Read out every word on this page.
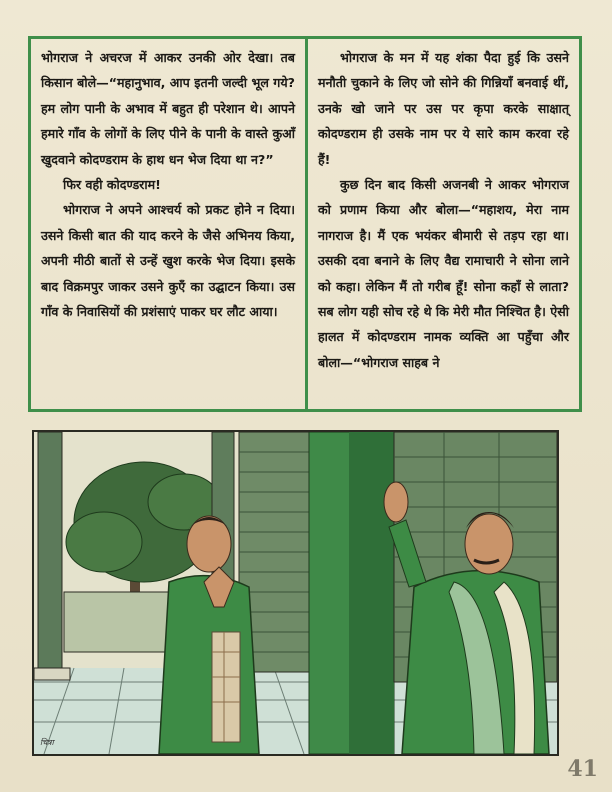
भोगराज ने अचरज में आकर उनकी ओर देखा। तब किसान बोले—“महानुभाव, आप इतनी जल्दी भूल गये? हम लोग पानी के अभाव में बहुत ही परेशान थे। आपने हमारे गाँव के लोगों के लिए पीने के पानी के वास्ते कुआँ खुदवाने कोदण्डराम के हाथ धन भेज दिया था न?”

फिर वही कोदण्डराम!

भोगराज ने अपने आश्चर्य को प्रकट होने न दिया। उसने किसी बात की याद करने के जैसे अभिनय किया, अपनी मीठी बातों से उन्हें खुश करके भेज दिया। इसके बाद विक्रमपुर जाकर उसने कुएँ का उद्घाटन किया। उस गाँव के निवासियों की प्रशंसाएं पाकर घर लौट आया।

भोगराज के मन में यह शंका पैदा हुई कि उसने मनौती चुकाने के लिए जो सोने की गिन्नियाँ बनवाई थीं, उनके खो जाने पर उस पर कृपा करके साक्षात् कोदण्डराम ही उसके नाम पर ये सारे काम करवा रहे हैं!

कुछ दिन बाद किसी अजनबी ने आकर भोगराज को प्रणाम किया और बोला—“महाशय, मेरा नाम नागराज है। मैं एक भयंकर बीमारी से तड़प रहा था। उसकी दवा बनाने के लिए वैद्य रामाचारी ने सोना लाने को कहा। लेकिन मैं तो गरीब हूँ! सोना कहाँ से लाता? सब लोग यही सोच रहे थे कि मेरी मौत निश्चित है। ऐसी हालत में कोदण्डराम नामक व्यक्ति आ पहुँचा और बोला—“भोगराज साहब ने

चित्रा
41
